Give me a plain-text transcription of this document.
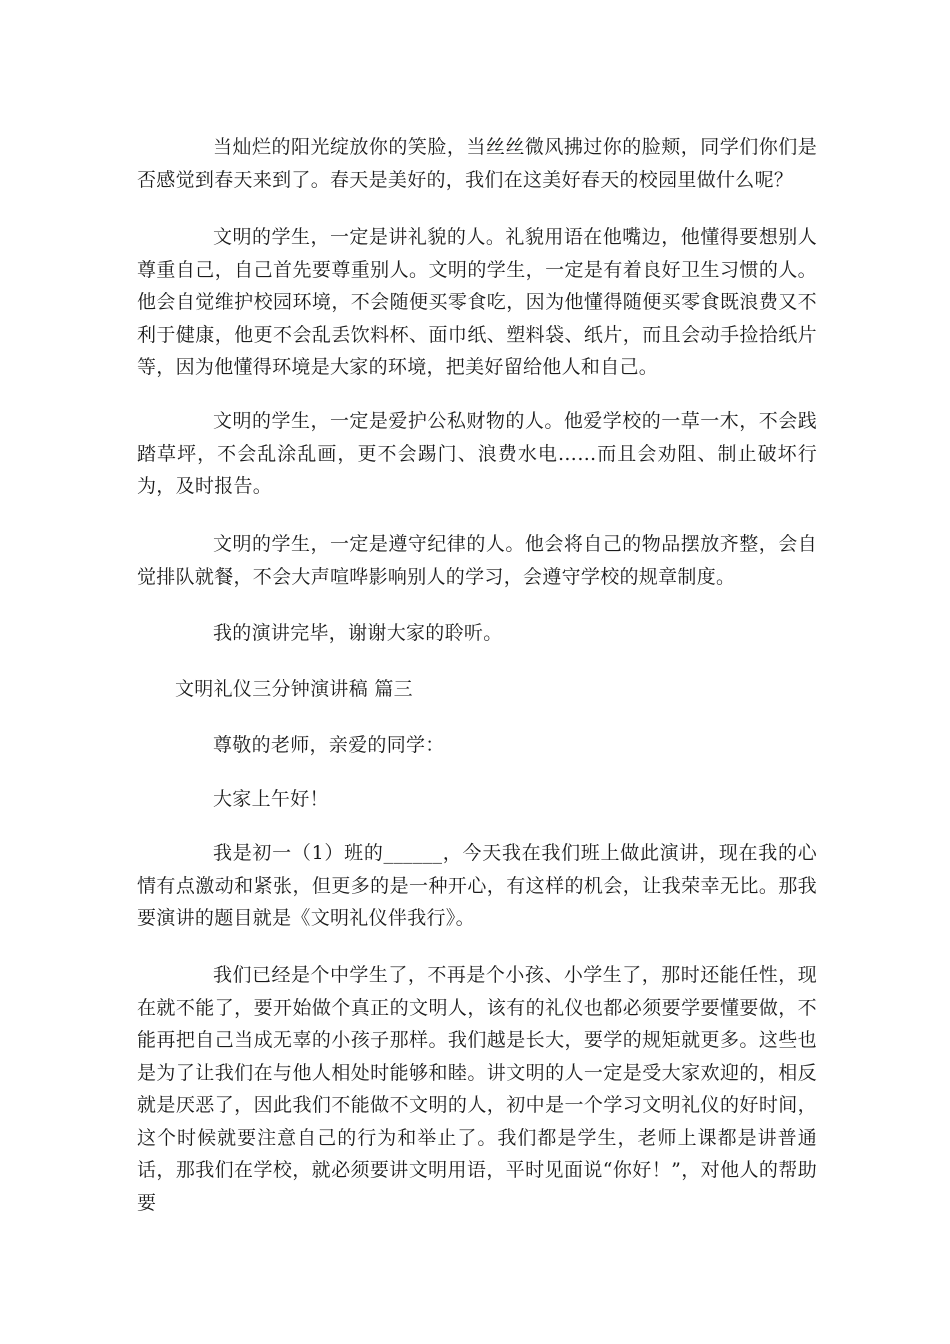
当灿烂的阳光绽放你的笑脸，当丝丝微风拂过你的脸颊，同学们你们是否感觉到春天来到了。春天是美好的，我们在这美好春天的校园里做什么呢？

文明的学生，一定是讲礼貌的人。礼貌用语在他嘴边，他懂得要想别人尊重自己，自己首先要尊重别人。文明的学生，一定是有着良好卫生习惯的人。他会自觉维护校园环境，不会随便买零食吃，因为他懂得随便买零食既浪费又不利于健康，他更不会乱丢饮料杯、面巾纸、塑料袋、纸片，而且会动手捡拾纸片等，因为他懂得环境是大家的环境，把美好留给他人和自己。

文明的学生，一定是爱护公私财物的人。他爱学校的一草一木，不会践踏草坪，不会乱涂乱画，更不会踢门、浪费水电……而且会劝阻、制止破坏行为，及时报告。

文明的学生，一定是遵守纪律的人。他会将自己的物品摆放齐整，会自觉排队就餐，不会大声喧哗影响别人的学习，会遵守学校的规章制度。

我的演讲完毕，谢谢大家的聆听。

文明礼仪三分钟演讲稿 篇三

尊敬的老师，亲爱的同学：

大家上午好！

我是初一（1）班的______，今天我在我们班上做此演讲，现在我的心情有点激动和紧张，但更多的是一种开心，有这样的机会，让我荣幸无比。那我要演讲的题目就是《文明礼仪伴我行》。

我们已经是个中学生了，不再是个小孩、小学生了，那时还能任性，现在就不能了，要开始做个真正的文明人，该有的礼仪也都必须要学要懂要做，不能再把自己当成无辜的小孩子那样。我们越是长大，要学的规矩就更多。这些也是为了让我们在与他人相处时能够和睦。讲文明的人一定是受大家欢迎的，相反就是厌恶了，因此我们不能做不文明的人，初中是一个学习文明礼仪的好时间，这个时候就要注意自己的行为和举止了。我们都是学生，老师上课都是讲普通话，那我们在学校，就必须要讲文明用语，平时见面说“你好！”，对他人的帮助要
